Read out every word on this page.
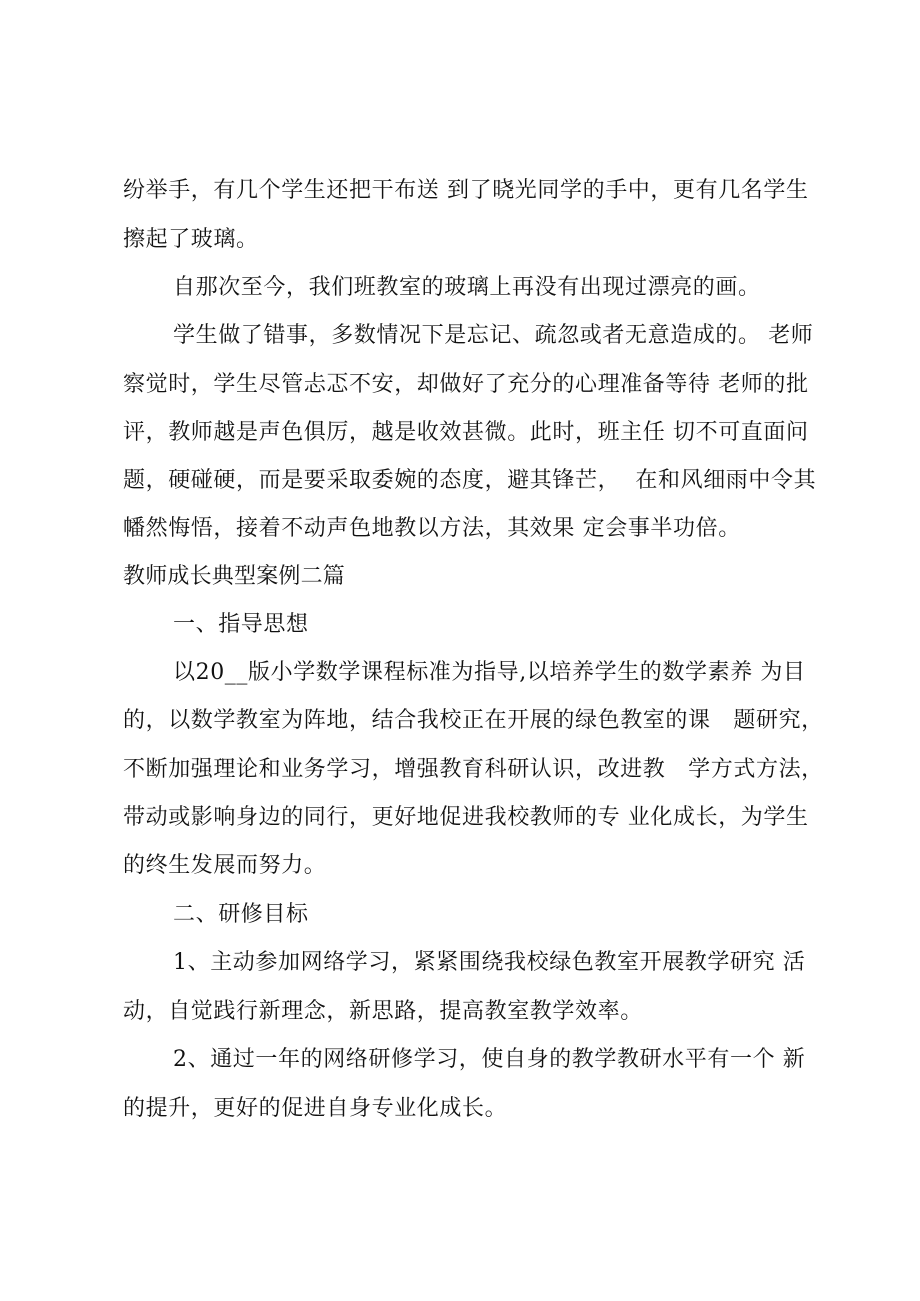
纷举手，有几个学生还把干布送 到了晓光同学的手中，更有几名学生
擦起了玻璃。
自那次至今，我们班教室的玻璃上再没有出现过漂亮的画。
学生做了错事，多数情况下是忘记、疏忽或者无意造成的。 老师
察觉时，学生尽管忐忑不安，却做好了充分的心理准备等待 老师的批
评，教师越是声色俱厉，越是收效甚微。此时，班主任 切不可直面问
题，硬碰硬，而是要采取委婉的态度，避其锋芒，  在和风细雨中令其
幡然悔悟，接着不动声色地教以方法，其效果 定会事半功倍。
教师成长典型案例二篇
一、指导思想
以20__版小学数学课程标准为指导,以培养学生的数学素养 为目
的，以数学教室为阵地，结合我校正在开展的绿色教室的课   题研究，
不断加强理论和业务学习，增强教育科研认识，改进教   学方式方法，
带动或影响身边的同行，更好地促进我校教师的专 业化成长，为学生
的终生发展而努力。
二、研修目标
1、主动参加网络学习，紧紧围绕我校绿色教室开展教学研究 活
动，自觉践行新理念，新思路，提高教室教学效率。
2、通过一年的网络研修学习，使自身的教学教研水平有一个 新
的提升，更好的促进自身专业化成长。
